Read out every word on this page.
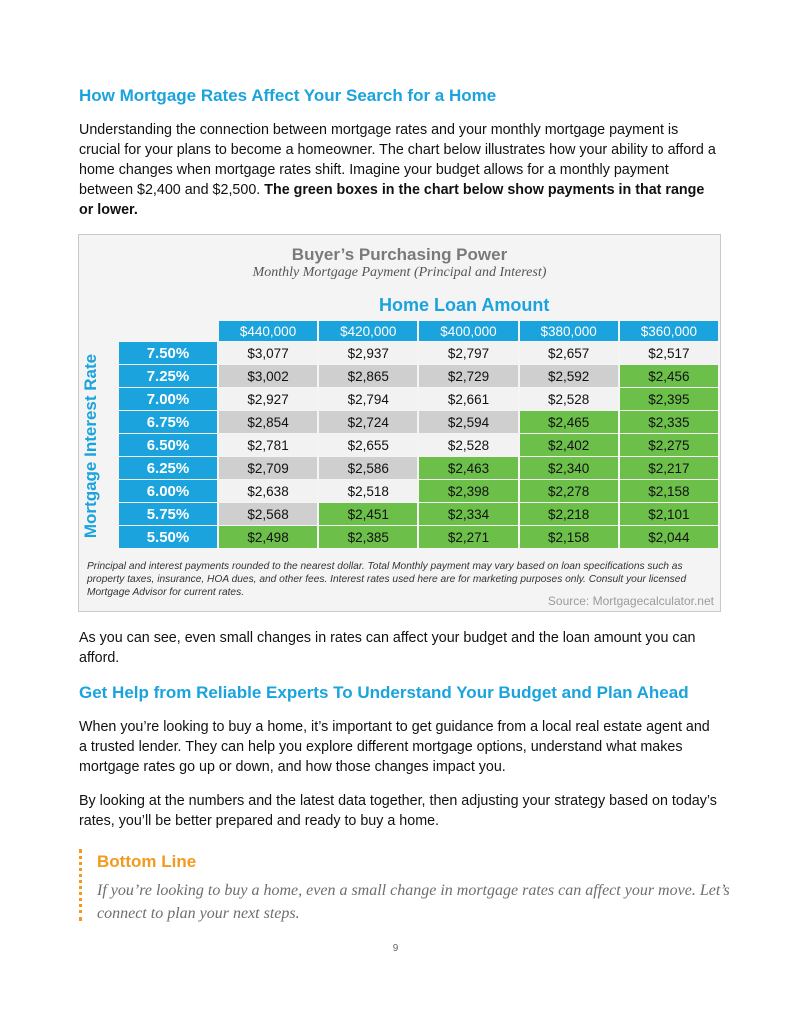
How Mortgage Rates Affect Your Search for a Home

Understanding the connection between mortgage rates and your monthly mortgage payment is crucial for your plans to become a homeowner. The chart below illustrates how your ability to afford a home changes when mortgage rates shift. Imagine your budget allows for a monthly payment between $2,400 and $2,500. The green boxes in the chart below show payments in that range or lower.

Buyer’s Purchasing Power
Monthly Mortgage Payment (Principal and Interest)
Home Loan Amount
Mortgage Interest Rate
	$440,000	$420,000	$400,000	$380,000	$360,000
7.50%	$3,077	$2,937	$2,797	$2,657	$2,517
7.25%	$3,002	$2,865	$2,729	$2,592	$2,456
7.00%	$2,927	$2,794	$2,661	$2,528	$2,395
6.75%	$2,854	$2,724	$2,594	$2,465	$2,335
6.50%	$2,781	$2,655	$2,528	$2,402	$2,275
6.25%	$2,709	$2,586	$2,463	$2,340	$2,217
6.00%	$2,638	$2,518	$2,398	$2,278	$2,158
5.75%	$2,568	$2,451	$2,334	$2,218	$2,101
5.50%	$2,498	$2,385	$2,271	$2,158	$2,044
Principal and interest payments rounded to the nearest dollar. Total Monthly payment may vary based on loan specifications such as property taxes, insurance, HOA dues, and other fees. Interest rates used here are for marketing purposes only. Consult your licensed Mortgage Advisor for current rates.
Source: Mortgagecalculator.net

As you can see, even small changes in rates can affect your budget and the loan amount you can afford.

Get Help from Reliable Experts To Understand Your Budget and Plan Ahead

When you’re looking to buy a home, it’s important to get guidance from a local real estate agent and a trusted lender. They can help you explore different mortgage options, understand what makes mortgage rates go up or down, and how those changes impact you.

By looking at the numbers and the latest data together, then adjusting your strategy based on today’s rates, you’ll be better prepared and ready to buy a home.

Bottom Line
If you’re looking to buy a home, even a small change in mortgage rates can affect your move. Let’s connect to plan your next steps.
9
